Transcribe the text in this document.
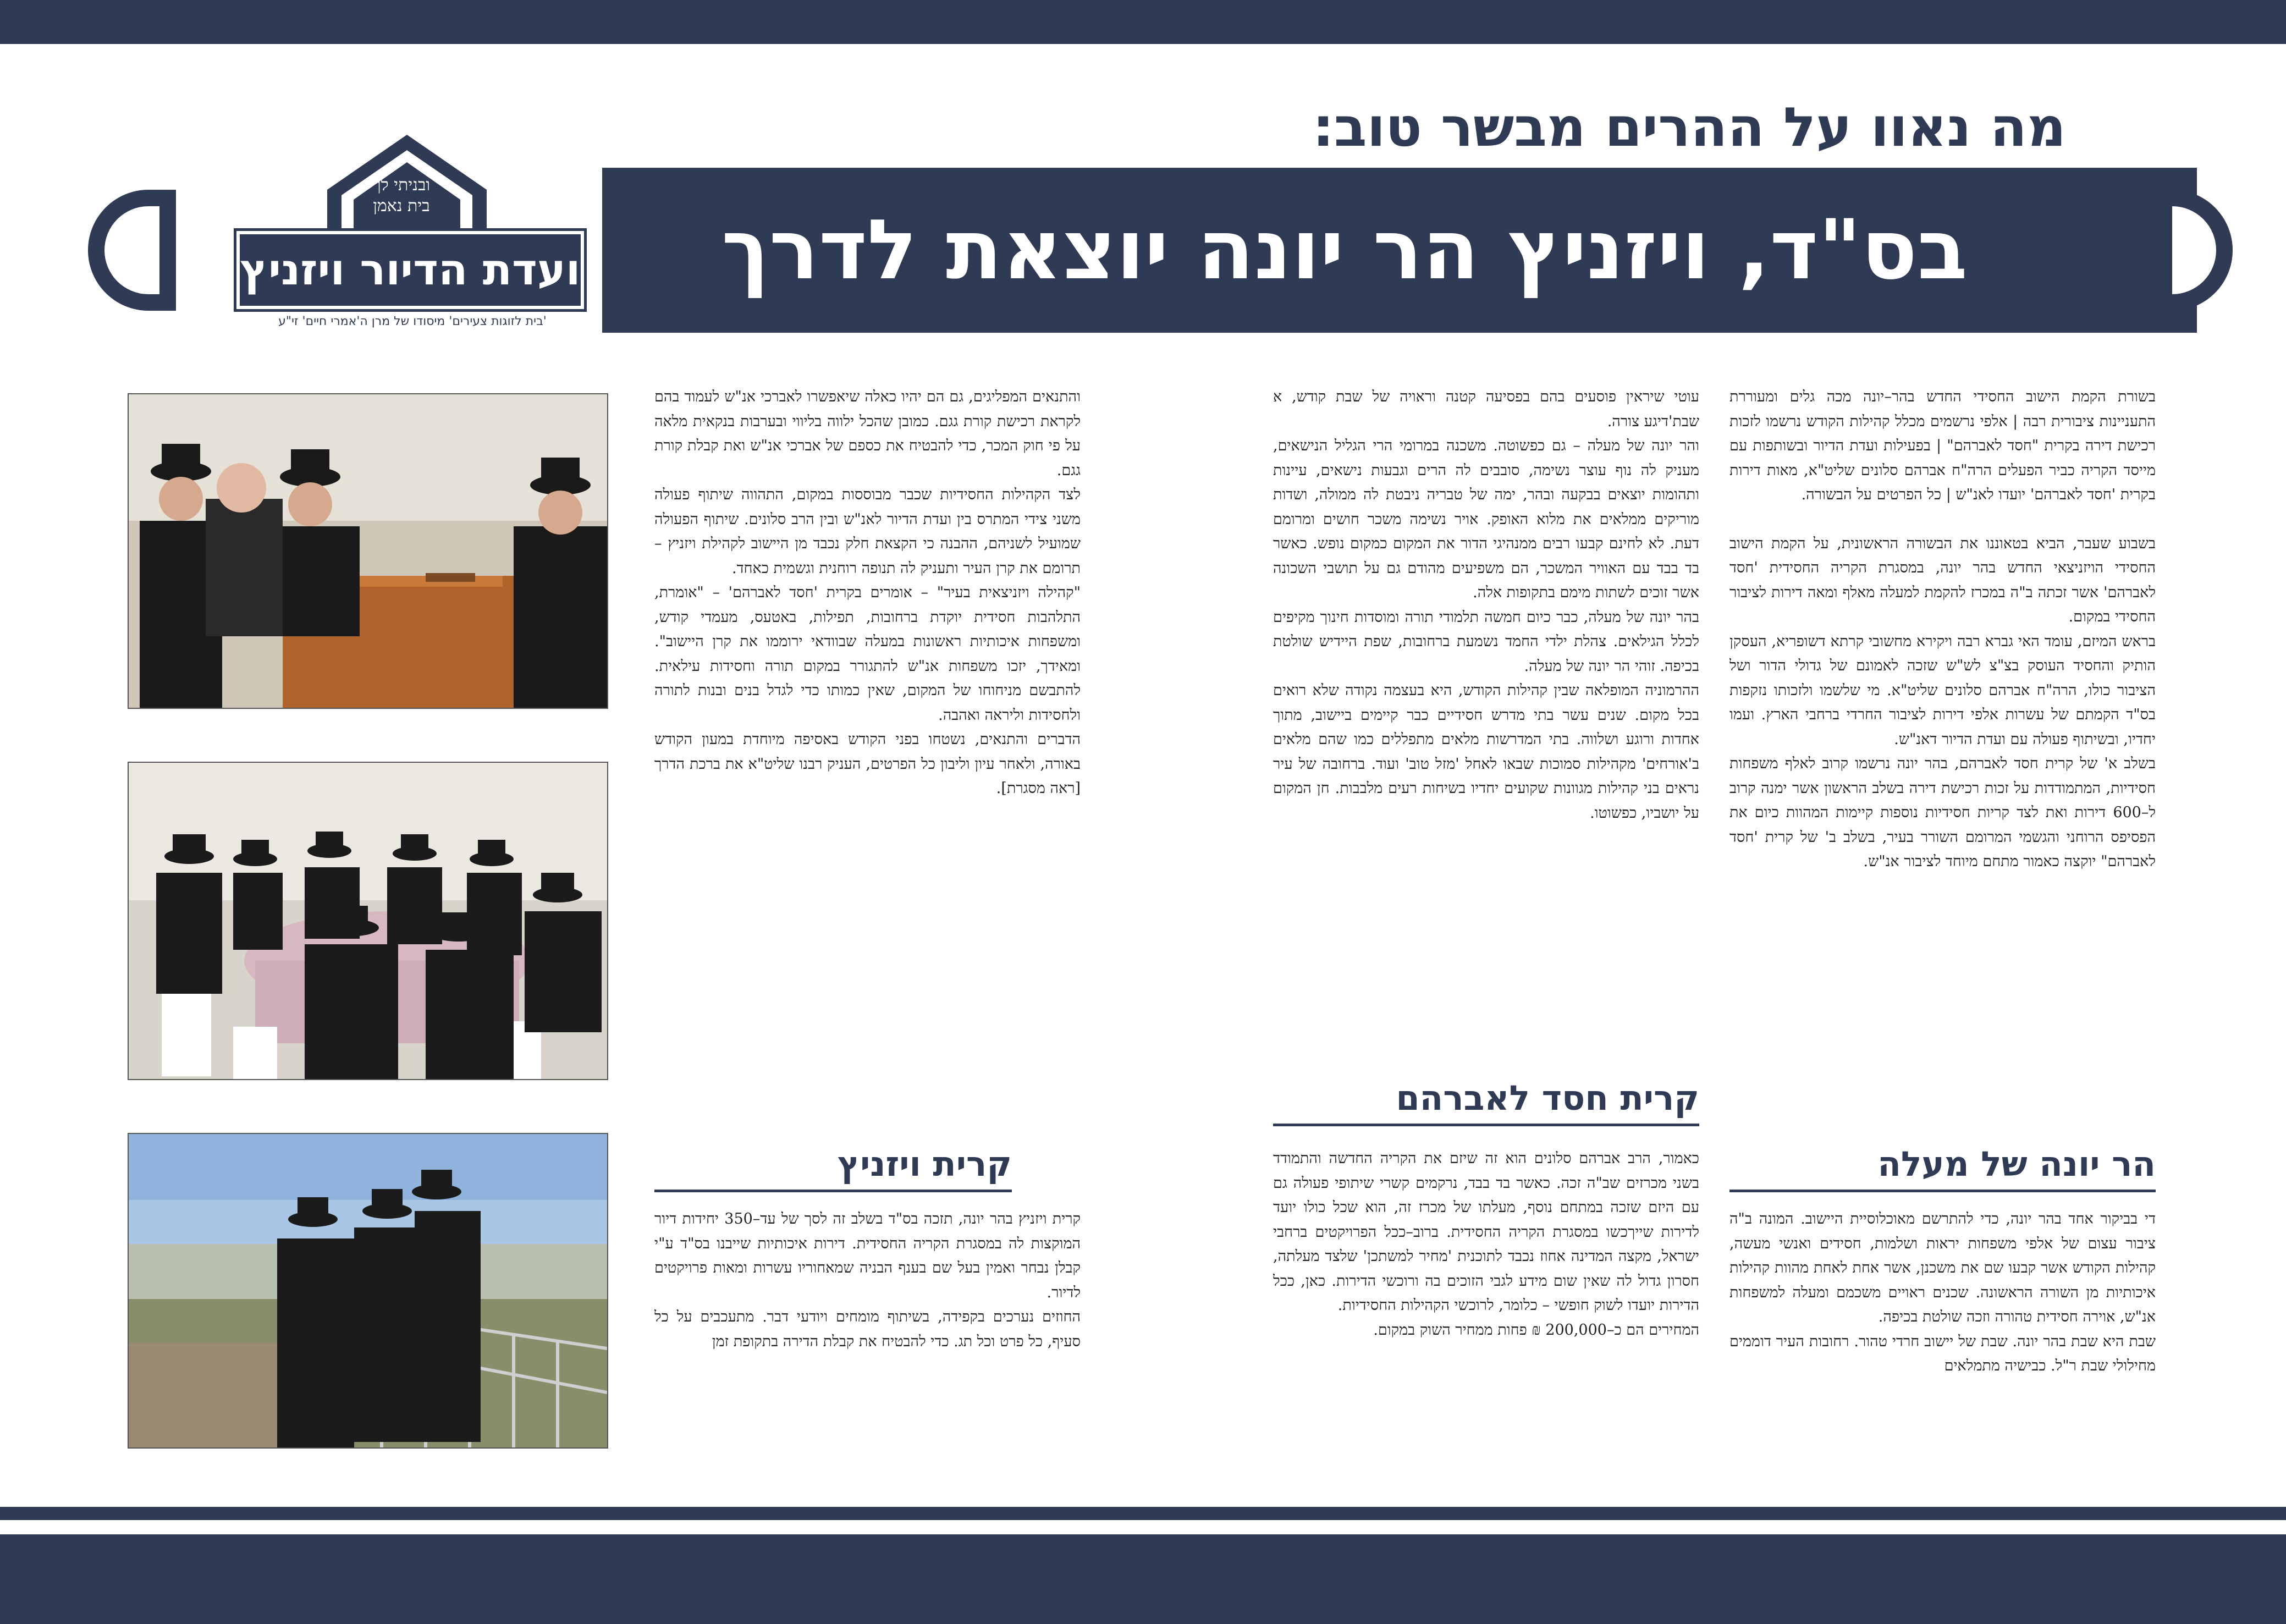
מה נאוו על ההרים מבשר טוב:
בס"ד, ויזניץ הר יונה יוצאת לדרך
ובניתי לך
בית נאמן
ועדת הדיור ויזניץ
'בית לזוגות צעירים' מיסודו של מרן ה'אמרי חיים' זי"ע

בשורת הקמת הישוב החסידי החדש בהר–יונה מכה גלים ומעוררת התעניינות ציבורית רבה | אלפי נרשמים מכלל קהילות הקודש נרשמו לזכות רכישת דירה בקרית "חסד לאברהם" | בפעילות ועדת הדיור ובשותפות עם מייסד הקריה כביר הפעלים הרה"ח אברהם סלונים שליט"א, מאות דירות בקרית 'חסד לאברהם' יועדו לאנ"ש | כל הפרטים על הבשורה.

בשבוע שעבר, הביא בטאוננו את הבשורה הראשונית, על הקמת הישוב החסידי הויזניצאי החדש בהר יונה, במסגרת הקריה החסידית 'חסד לאברהם' אשר זכתה ב"ה במכרז להקמת למעלה מאלף ומאה דירות לציבור החסידי במקום.

בראש המיזם, עומד האי גברא רבה ויקירא מחשובי קרתא דשופריא, העסקן הותיק והחסיד העוסק בצ"צ לש"ש שזכה לאמונם של גדולי הדור ושל הציבור כולו, הרה"ח אברהם סלונים שליט"א. מי שלשמו ולזכותו נזקפות בס"ד הקמתם של עשרות אלפי דירות לציבור החרדי ברחבי הארץ. ועמו יחדיו, ובשיתוף פעולה עם ועדת הדיור דאנ"ש.

בשלב א' של קרית חסד לאברהם, בהר יונה נרשמו קרוב לאלף משפחות חסידיות, המתמודדות על זכות רכישת דירה בשלב הראשון אשר ימנה קרוב ל–600 דירות ואת לצד קריות חסידיות נוספות קיימות המהוות כיום את הפסיפס הרוחני והגשמי המרומם השורר בעיר, בשלב ב' של קרית 'חסד לאברהם" יוקצה כאמור מתחם מיוחד לציבור אנ"ש.

הר יונה של מעלה

די בביקור אחד בהר יונה, כדי להתרשם מאוכלוסיית היישוב. המונה ב"ה ציבור עצום של אלפי משפחות יראות ושלמות, חסידים ואנשי מעשה, קהילות הקודש אשר קבעו שם את משכנן, אשר אחת לאחת מהוות קהילות איכותיות מן השורה הראשונה. שכנים ראויים משכמם ומעלה למשפחות אנ"ש, אוירה חסידית טהורה וזכה שולטת בכיפה.

שבת היא שבת בהר יונה. שבת של יישוב חרדי טהור. רחובות העיר דוממים מחילולי שבת ר"ל. כבישיה מתמלאים

עוטי שיראין פוסעים בהם בפסיעה קטנה וראויה של שבת קודש, א שבת'דיגע צורה.

והר יונה של מעלה – גם כפשוטה. משכנה במרומי הרי הגליל הנישאים, מעניק לה נוף עוצר נשימה, סובבים לה הרים וגבעות נישאים, עיינות ותהומות יוצאים בבקעה ובהר, ימה של טבריה ניבטת לה ממולה, ושדות מוריקים ממלאים את מלוא האופק. אויר נשימה משכר חושים ומרומם דעת. לא לחינם קבעו רבים ממנהיגי הדור את המקום כמקום נופש. כאשר בד בבד עם האוויר המשכר, הם משפיעים מהודם גם על תושבי השכונה אשר זוכים לשתות מימם בתקופות אלה.

בהר יונה של מעלה, כבר כיום חמשה תלמודי תורה ומוסדות חינוך מקיפים לכלל הגילאים. צהלת ילדי החמד נשמעת ברחובות, שפת היידיש שולטת בכיפה. זוהי הר יונה של מעלה.

ההרמוניה המופלאה שבין קהילות הקודש, היא בעצמה נקודה שלא רואים בכל מקום. שנים עשר בתי מדרש חסידיים כבר קיימים ביישוב, מתוך אחדות ורוגע ושלווה. בתי המדרשות מלאים מתפללים כמו שהם מלאים ב'אורחים' מקהילות סמוכות שבאו לאחל 'מזל טוב' ועוד. ברחובה של עיר נראים בני קהילות מגוונות שקועים יחדיו בשיחות רעים מלבבות. חן המקום על יושביו, כפשוטו.

קרית חסד לאברהם

כאמור, הרב אברהם סלונים הוא זה שיזם את הקריה החדשה והתמודד בשני מכרזים שב"ה זכה. כאשר בד בבד, נרקמים קשרי שיתופי פעולה גם עם היזם שזכה במתחם נוסף, מעלתו של מכרז זה, הוא שכל כולו יועד לדירות שייךכשו במסגרת הקריה החסידית. ברוב–ככל הפרויקטים ברחבי ישראל, מקצה המדינה אחוז נכבד לתוכנית 'מחיר למשתכן' שלצד מעלתה, חסרון גדול לה שאין שום מידע לגבי הזוכים בה ורוכשי הדירות. כאן, ככל הדירות יועדו לשוק חופשי – כלומר, לרוכשי הקהילות החסידיות.

המחירים הם כ–200,000 ₪ פחות ממחיר השוק במקום.

והתנאים המפליגים, גם הם יהיו כאלה שיאפשרו לאברכי אנ"ש לעמוד בהם לקראת רכישת קורת גגם. כמובן שהכל ילווה בליווי ובערבות בנקאית מלאה על פי חוק המכר, כדי להבטיח את כספם של אברכי אנ"ש ואת קבלת קורת גגם.

לצד הקהילות החסידיות שכבר מבוססות במקום, התהווה שיתוף פעולה משני צידי המתרס בין ועדת הדיור לאנ"ש ובין הרב סלונים. שיתוף הפעולה שמועיל לשניהם, ההבנה כי הקצאת חלק נכבד מן היישוב לקהילת ויזניץ – תרומם את קרן העיר ותעניק לה תנופה רוחנית וגשמית כאחד.

"קהילה ויזניצאית בעיר" – אומרים בקרית 'חסד לאברהם' – "אומרת, התלהבות חסידית יוקדת ברחובות, תפילות, באטעס, מעמדי קודש, ומשפחות איכותיות ראשונות במעלה שבוודאי ירוממו את קרן היישוב". ומאידך, יזכו משפחות אנ"ש להתגורר במקום תורה וחסידות עילאית. להתבשם מניחוחו של המקום, שאין כמותו כדי לגדל בנים ובנות לתורה ולחסידות וליראה ואהבה.

הדברים והתנאים, נשטחו בפני הקודש באסיפה מיוחדת במעון הקודש באורה, ולאחר עיון וליבון כל הפרטים, העניק רבנו שליט"א את ברכת הדרך [ראה מסגרת].

קרית ויזניץ

קרית ויזניץ בהר יונה, תזכה בס"ד בשלב זה לסך של עד–350 יחידות דיור המוקצות לה במסגרת הקריה החסידית. דירות איכותיות שייבנו בס"ד ע"י קבלן נבחר ואמין בעל שם בענף הבניה שמאחוריו עשרות ומאות פרויקטים לדיור.

החוזים נערכים בקפידה, בשיתוף מומחים ויודעי דבר. מתעכבים על כל סעיף, כל פרט וכל תג. כדי להבטיח את קבלת הדירה בתקופת זמן
